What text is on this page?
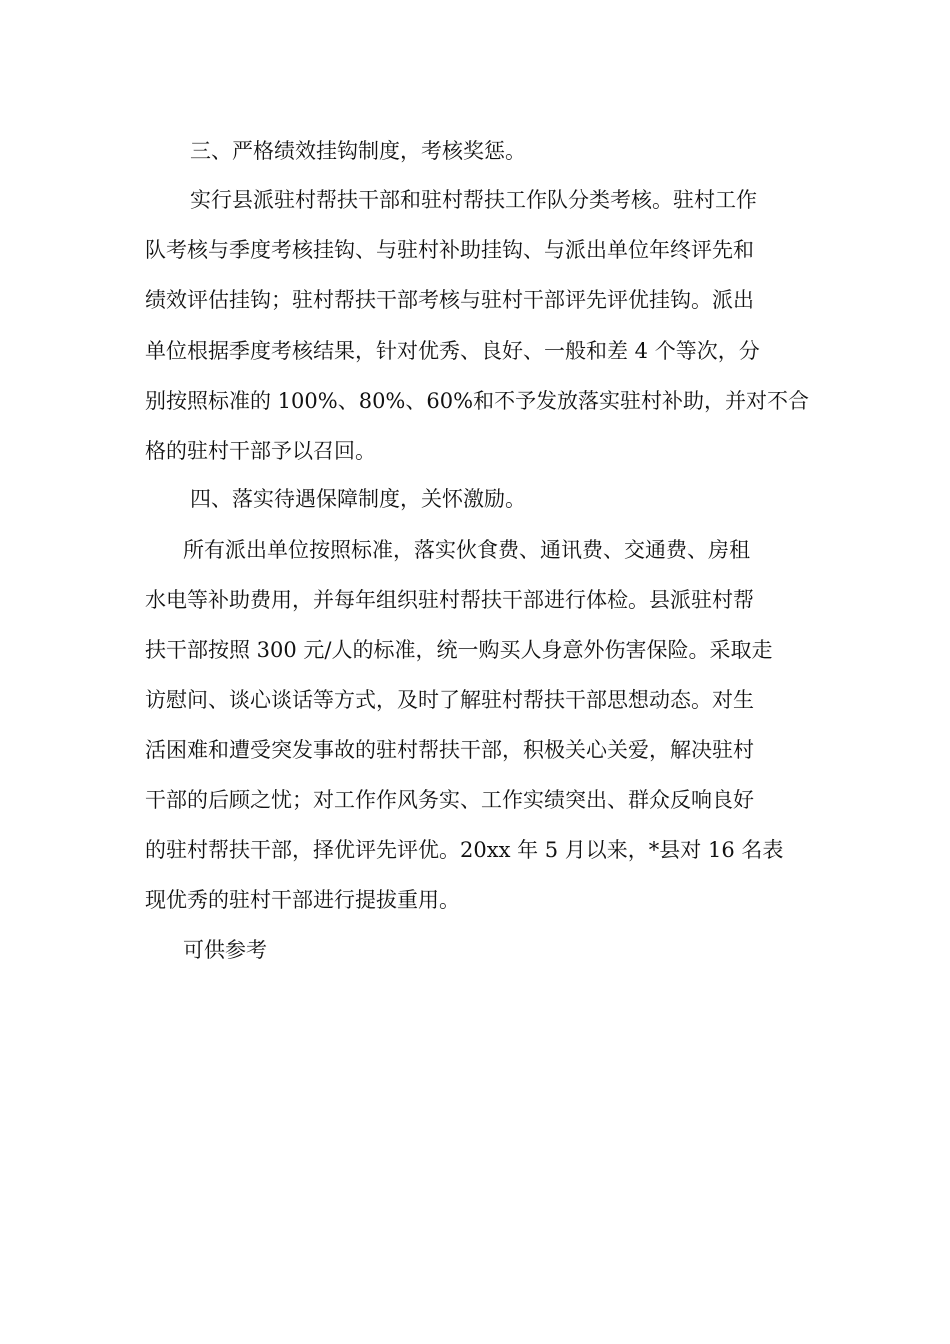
三、严格绩效挂钩制度，考核奖惩。

实行县派驻村帮扶干部和驻村帮扶工作队分类考核。驻村工作

队考核与季度考核挂钩、与驻村补助挂钩、与派出单位年终评先和

绩效评估挂钩；驻村帮扶干部考核与驻村干部评先评优挂钩。派出

单位根据季度考核结果，针对优秀、良好、一般和差 4 个等次，分

别按照标准的 100%、80%、60%和不予发放落实驻村补助，并对不合

格的驻村干部予以召回。

四、落实待遇保障制度，关怀激励。

所有派出单位按照标准，落实伙食费、通讯费、交通费、房租

水电等补助费用，并每年组织驻村帮扶干部进行体检。县派驻村帮

扶干部按照 300 元/人的标准，统一购买人身意外伤害保险。采取走

访慰问、谈心谈话等方式，及时了解驻村帮扶干部思想动态。对生

活困难和遭受突发事故的驻村帮扶干部，积极关心关爱，解决驻村

干部的后顾之忧；对工作作风务实、工作实绩突出、群众反响良好

的驻村帮扶干部，择优评先评优。20xx 年 5 月以来，*县对 16 名表

现优秀的驻村干部进行提拔重用。

可供参考
